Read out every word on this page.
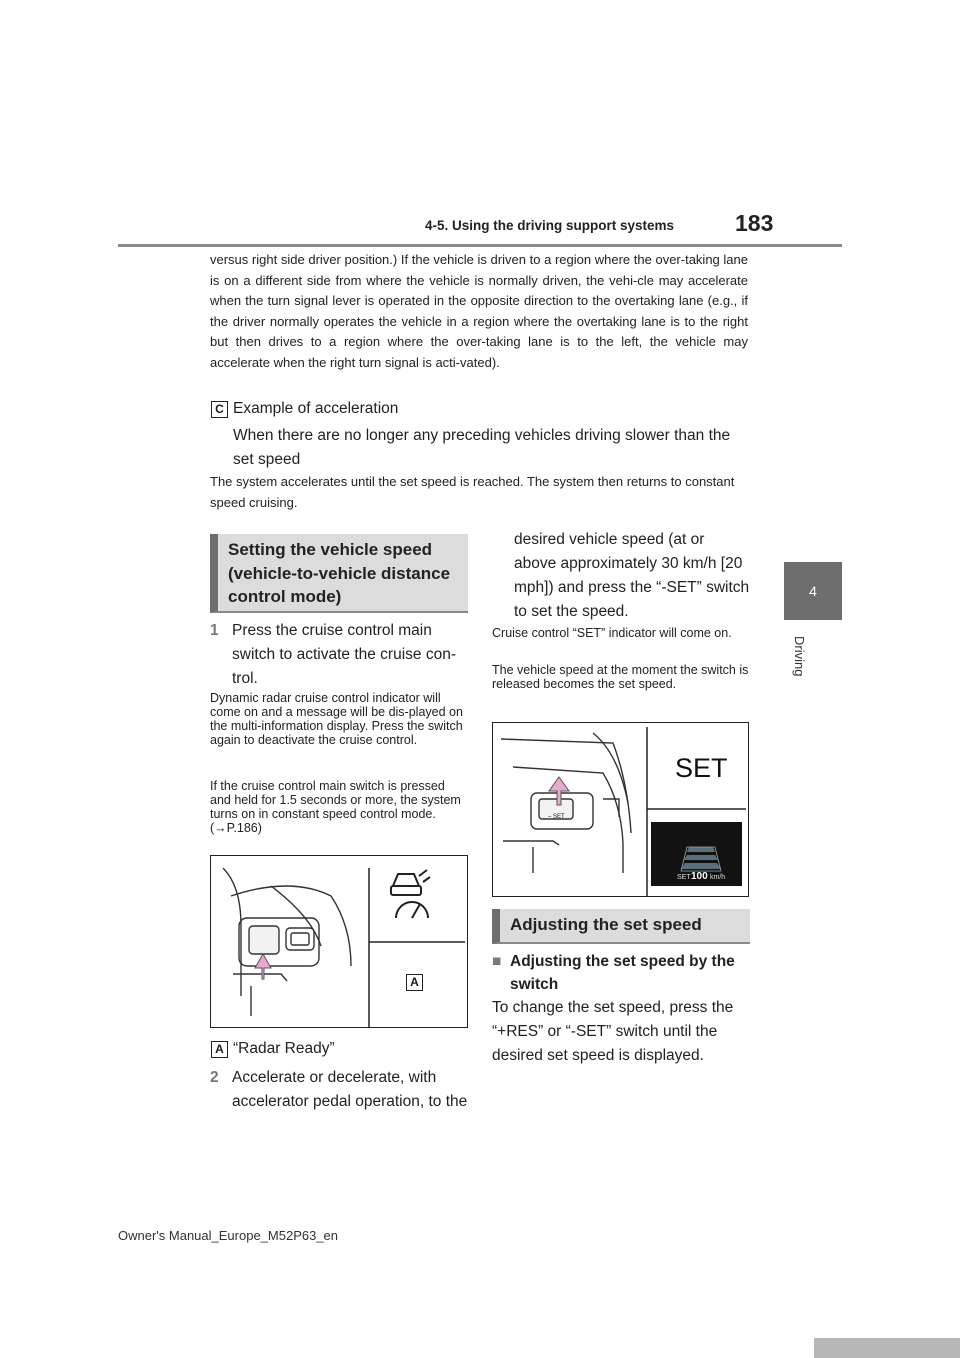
4-5. Using the driving support systems	183
4
Driving
versus right side driver position.) If the vehicle is driven to a region where the over-taking lane is on a different side from where the vehicle is normally driven, the vehi-cle may accelerate when the turn signal lever is operated in the opposite direction to the overtaking lane (e.g., if the driver normally operates the vehicle in a region where the overtaking lane is to the right but then drives to a region where the over-taking lane is to the left, the vehicle may accelerate when the right turn signal is acti-vated).
C Example of acceleration
When there are no longer any preceding vehicles driving slower than the set speed
The system accelerates until the set speed is reached. The system then returns to constant speed cruising.
Setting the vehicle speed (vehicle-to-vehicle distance control mode)
1 Press the cruise control main switch to activate the cruise con-trol.
Dynamic radar cruise control indicator will come on and a message will be dis-played on the multi-information display. Press the switch again to deactivate the cruise control.
If the cruise control main switch is pressed and held for 1.5 seconds or more, the system turns on in constant speed control mode. (→P.186)
A
A “Radar Ready”
2 Accelerate or decelerate, with accelerator pedal operation, to the
desired vehicle speed (at or above approximately 30 km/h [20 mph]) and press the “-SET” switch to set the speed.
Cruise control “SET” indicator will come on.
The vehicle speed at the moment the switch is released becomes the set speed.
– SET
SET
SET 100 km/h
Adjusting the set speed
■ Adjusting the set speed by the switch
To change the set speed, press the “+RES” or “-SET” switch until the desired set speed is displayed.
Owner's Manual_Europe_M52P63_en
